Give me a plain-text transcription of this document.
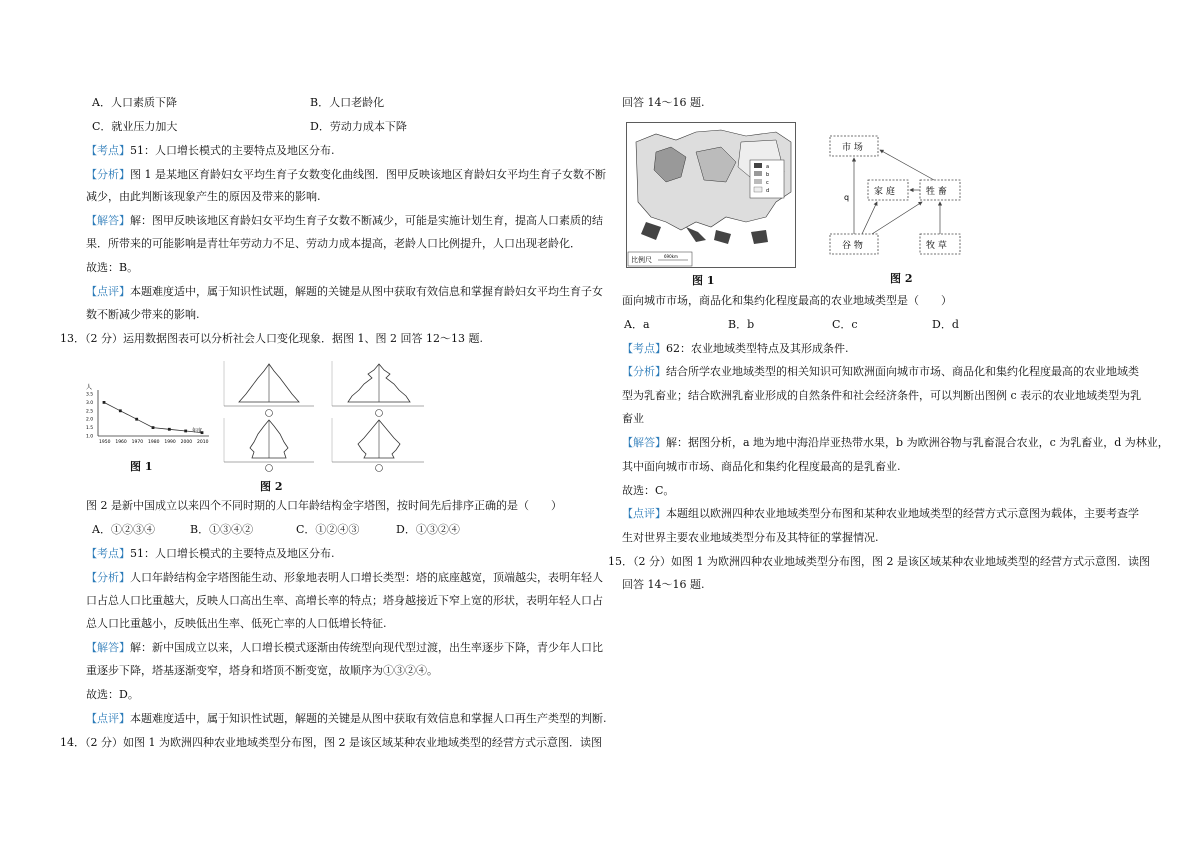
A．人口素质下降	B．人口老龄化
C．就业压力加大	D．劳动力成本下降
【考点】51：人口增长模式的主要特点及地区分布.
【分析】图 1 是某地区育龄妇女平均生育子女数变化曲线图．图甲反映该地区育龄妇女平均生育子女数不断
减少，由此判断该现象产生的原因及带来的影响.
【解答】解：图甲反映该地区育龄妇女平均生育子女数不断减少，可能是实施计划生育，提高人口素质的结
果．所带来的可能影响是青壮年劳动力不足、劳动力成本提高，老龄人口比例提升，人口出现老龄化．
故选：B。
【点评】本题难度适中，属于知识性试题，解题的关键是从图中获取有效信息和掌握育龄妇女平均生育子女
数不断减少带来的影响.
13．（2 分）运用数据图表可以分析社会人口变化现象．据图 1、图 2 回答 12～13 题.
人
1.0
1.5
2.0
2.5
3.0
3.5
1950 1960 1970 1980 1990 2000 2010
年度
图 1
图 2
图 2 是新中国成立以来四个不同时期的人口年龄结构金字塔图，按时间先后排序正确的是（　　）
A．①②③④	B．①③④②	C．①②④③	D．①③②④
【考点】51：人口增长模式的主要特点及地区分布.
【分析】人口年龄结构金字塔图能生动、形象地表明人口增长类型：塔的底座越宽，顶端越尖，表明年轻人
口占总人口比重越大，反映人口高出生率、高增长率的特点；塔身越接近下窄上宽的形状，表明年轻人口占
总人口比重越小，反映低出生率、低死亡率的人口低增长特征.
【解答】解：新中国成立以来，人口增长模式逐渐由传统型向现代型过渡，出生率逐步下降，青少年人口比
重逐步下降，塔基逐渐变窄，塔身和塔顶不断变宽，故顺序为①③②④。
故选：D。
【点评】本题难度适中，属于知识性试题，解题的关键是从图中获取有效信息和掌握人口再生产类型的判断.
14．（2 分）如图 1 为欧洲四种农业地域类型分布图，图 2 是该区域某种农业地域类型的经营方式示意图．读图
回答 14～16 题.
a
b
c
d
比例尺	690km
图 1
市 场
家 庭	牲 畜
谷 物	牧 草
q
图 2
面向城市市场，商品化和集约化程度最高的农业地域类型是（　　）
A．a	B．b	C．c	D．d
【考点】62：农业地域类型特点及其形成条件.
【分析】结合所学农业地域类型的相关知识可知欧洲面向城市市场、商品化和集约化程度最高的农业地域类
型为乳畜业；结合欧洲乳畜业形成的自然条件和社会经济条件，可以判断出图例 c 表示的农业地域类型为乳
畜业
【解答】解：据图分析，a 地为地中海沿岸亚热带水果，b 为欧洲谷物与乳畜混合农业，c 为乳畜业，d 为林业，
其中面向城市市场、商品化和集约化程度最高的是乳畜业.
故选：C。
【点评】本题组以欧洲四种农业地域类型分布图和某种农业地域类型的经营方式示意图为载体，主要考查学
生对世界主要农业地域类型分布及其特征的掌握情况.
15．（2 分）如图 1 为欧洲四种农业地域类型分布图，图 2 是该区域某种农业地域类型的经营方式示意图．读图
回答 14～16 题.
